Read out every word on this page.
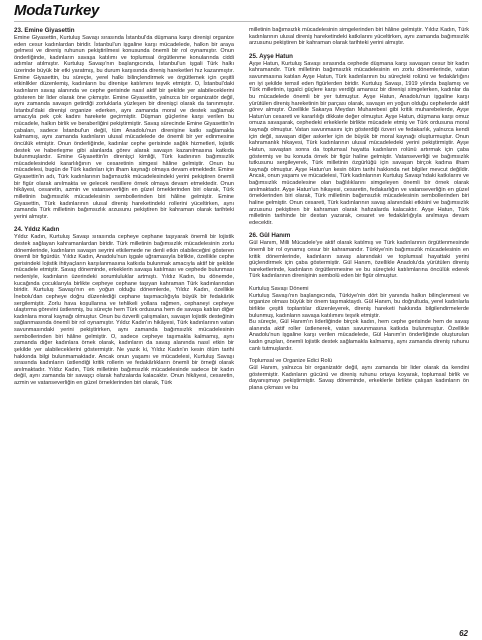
ModaTurkey

23. Emine Giyasettin

Emine Giyasettin, Kurtuluş Savaşı sırasında İstanbul'da düşmana karşı direnişi organize eden cesur kadınlardan biridir. İstanbul'un işgaline karşı mücadelede, halkın bir araya gelmesi ve direniş ruhunun pekiştirilmesi konusunda önemli bir rol oynamıştır. Onun önderliğinde, kadınların savaşa katılımı ve toplumsal örgütlenme konularında ciddi adımlar atılmıştır. Kurtuluş Savaşı'nın başlangıcında, İstanbul'un işgali Türk halkı üzerinde büyük bir etki yaratmış, bu durum karşısında direniş hareketleri hız kazanmıştır. Emine Giyasettin, bu süreçte, yerel halkı bilinçlendirmek ve örgütlemek için çeşitli etkinlikler düzenlemiş, kadınların bu direnişe katılımını teşvik etmiştir. O, İstanbul'daki kadınların savaş alanında ve cephe gerisinde nasıl aktif bir şekilde yer alabileceklerini gösteren bir lider olarak öne çıkmıştır. Emine Giyasettin, yalnızca bir organizatör değil, aynı zamanda savaşın getirdiği zorluklarla yüzleşen bir direnişçi olarak da tanınmıştır. İstanbul'daki direnişi organize ederken, aynı zamanda moral ve destek sağlamak amacıyla pek çok kadını harekete geçirmiştir. Düşman güçlerine karşı verilen bu mücadele, halkın birlik ve beraberliğini pekiştirmiştir. Savaş sürecinde Emine Giyasettin'in çabaları, sadece İstanbul'un değil, tüm Anadolu'nun direnişine katkı sağlamakla kalmamış, aynı zamanda kadınların ulusal mücadelede de önemli bir yer edinmesine öncülük etmiştir. Onun önderliğinde, kadınlar cephe gerisinde sağlık hizmetleri, lojistik destek ve haberleşme gibi alanlarda görev alarak savaşın kazanılmasına katkıda bulunmuşlardır. Emine Giyasettin'in direnişçi kimliği, Türk kadınının bağımsızlık mücadelesindeki kararlılığının ve cesaretinin simgesi hâline gelmiştir. Onun bu mücadelesi, bugün de Türk kadınları için ilham kaynağı olmaya devam etmektedir. Emine Giyasettin'in adı, Türk kadınlarının bağımsızlık mücadelesindeki yerini pekiştiren önemli bir figür olarak anılmakta ve gelecek nesillere örnek olmaya devam etmektedir. Onun hikâyesi, cesaretin, azmin ve vatanseverliğin en güzel örneklerinden biri olarak, Türk milletinin bağımsızlık mücadelesinin sembollerinden biri hâline gelmiştir. Emine Giyasettin, Türk kadınlarının ulusal direniş hareketindeki rollerini yüceltirken, aynı zamanda Türk milletinin bağımsızlık arzusunu pekiştiren bir kahraman olarak tarihteki yerini almıştır.

24. Yıldız Kadın

Yıldız Kadın, Kurtuluş Savaşı sırasında cepheye cephane taşıyarak önemli bir lojistik destek sağlayan kahramanlardan biridir. Türk milletinin bağımsızlık mücadelesinin zorlu dönemlerinde, kadınların savaşın seyrini etkilemede ne denli etkin olabileceğini gösteren önemli bir figürdür. Yıldız Kadın, Anadolu'nun işgale uğramasıyla birlikte, özellikle cephe gerisindeki lojistik ihtiyaçların karşılanmasına katkıda bulunmak amacıyla aktif bir şekilde mücadele etmiştir. Savaş döneminde, erkeklerin savaşa katılması ve cephede bulunması nedeniyle, kadınların üzerindeki sorumluluklar artmıştı. Yıldız Kadın, bu dönemde, kucağında çocuklarıyla birlikte cepheye cephane taşıyan kahraman Türk kadınlarından biridir. Kurtuluş Savaşı'nın en yoğun olduğu dönemlerde, Yıldız Kadın, özellikle İnebolu'dan cepheye doğru düzenlediği cephane taşımacılığıyla büyük bir fedakârlık sergilemiştir. Zorlu hava koşullarına ve tehlikeli yollara rağmen, cephaneyi cepheye ulaştırma görevini üstlenmiş, bu süreçte hem Türk ordusuna hem de savaşa katılan diğer kadınlara moral kaynağı olmuştur. Onun bu özverili çalışmaları, savaşın lojistik desteğinin sağlanmasında önemli bir rol oynamıştır. Yıldız Kadın'ın hikâyesi, Türk kadınlarının vatan savunmasındaki yerini pekiştirirken, aynı zamanda bağımsızlık mücadelesinin sembollerinden biri hâline gelmiştir. O, sadece cepheye taşımakla kalmamış, aynı zamanda diğer kadınlara örnek olarak, kadınların da savaş alanında nasıl etkin bir şekilde yer alabileceklerini göstermiştir. Ne yazık ki, Yıldız Kadın'ın kesin ölüm tarihi hakkında bilgi bulunmamaktadır. Ancak onun yaşamı ve mücadelesi, Kurtuluş Savaşı sırasında kadınların üstlendiği kritik rollerin ve fedakârlıkların önemli bir örneği olarak anılmaktadır. Yıldız Kadın, Türk milletinin bağımsızlık mücadelesinde sadece bir kadın değil, aynı zamanda bir savaşçı olarak hafızalarda kalacaktır. Onun hikâyesi, cesaretin, azmin ve vatanseverliğin en güzel örneklerinden biri olarak, Türk

milletinin bağımsızlık mücadelesinin simgelerinden biri hâline gelmiştir. Yıldız Kadın, Türk kadınlarının ulusal direniş hareketindeki katkılarını yüceltirken, aynı zamanda bağımsızlık arzusunu pekiştiren bir kahraman olarak tarihteki yerini almıştır.

25. Ayşe Hatun

Ayşe Hatun, Kurtuluş Savaşı sırasında cephede düşmana karşı savaşan cesur bir kadın kahramandır. Türk milletinin bağımsızlık mücadelesinin en zorlu dönemlerinde, vatan savunmasına katılan Ayşe Hatun, Türk kadınlarının bu süreçteki rolünü ve fedakârlığını en iyi şekilde temsil eden figürlerden biridir. Kurtuluş Savaşı, 1919 yılında başlamış ve Türk milletinin, işgalci güçlere karşı verdiği amansız bir direnişi simgelerken, kadınlar da bu mücadelede önemli bir yer tutmuştur. Ayşe Hatun, Anadolu'nun işgaline karşı yürütülen direniş hareketinin bir parçası olarak, savaşın en yoğun olduğu cephelerde aktif görev almıştır. Özellikle Sakarya Meydan Muharebesi gibi kritik muharebelerde, Ayşe Hatun'un cesareti ve kararlılığı dikkate değer olmuştur. Ayşe Hatun, düşmana karşı omuz omuza savaşarak, cephedeki erkeklerle birlikte mücadele etmiş ve Türk ordusuna moral kaynağı olmuştur. Vatan savunmasını için gösterdiği özveri ve fedakarlık, yalnızca kendi için değil, savaşan diğer askerler için de büyük bir moral kaynağı oluşturmuştur. Onun kahramanlık hikayesi, Türk kadınlarının ulusal mücadeledeki yerini pekiştirmiştir. Ayşe Hatun, savaştan sonra da toplumsal hayatta kadınların rolünü artırmak için çaba göstermiş ve bu konuda örnek bir figür haline gelmiştir. Vatanseverliği ve bağımsızlık tutkusunu sergileyerek, Türk milletinin özgürlüğü için savaşan birçok kadına ilham kaynağı olmuştur. Ayşe Hatun'un kesin ölüm tarihi hakkında net bilgiler mevcut değildir. Ancak, onun yaşamı ve mücadelesi, Türk kadınlarının Kurtuluş Savaşı'ndaki katkılarını ve bağımsızlık mücadelesine olan bağlılıklarını simgeleyen önemli bir örnek olarak anılmaktadır. Ayşe Hatun'un hikayesi, cesaretin, fedakarlığın ve vatanseverliğin en güzel örneklerinden biri olarak, Türk milletinin bağımsızlık mücadelesinin sembollerinden biri haline gelmiştir. Onun cesareti, Türk kadınlarının savaş alanındaki etkisini ve bağımsızlık arzusunu pekiştiren bir kahraman olarak hafızalarda kalacaktır. Ayşe Hatun, Türk milletinin tarihinde bir destan yazarak, cesaret ve fedakârlığıyla anılmaya devam edecektir.

26. Gül Hanım

Gül Hanım, Milli Mücadele'ye aktif olarak katılmış ve Türk kadınlarının örgütlenmesinde önemli bir rol oynamış cesur bir kahramandır. Türkiye'nin bağımsızlık mücadelesinin en kritik dönemlerinde, kadınların savaş alanındaki ve toplumsal hayattaki yerini güçlendirmek için çaba göstermiştir. Gül Hanım, özellikle Anadolu'da yürütülen direniş hareketlerinde, kadınların örgütlenmesine ve bu süreçteki katılımlarına öncülük ederek Türk kadınlarının direnişinin sembolü eden bir figür olmuştur.

Kurtuluş Savaşı Dönemi

Kurtuluş Savaşı'nın başlangıcında, Türkiye'nin dört bir yanında halkın bilinçlenmesi ve organize olması büyük bir önem taşımaktaydı. Gül Hanım, bu doğrultuda, yerel kadınlarla birlikte çeşitli toplantılar düzenleyerek, direniş hareketi hakkında bilgilendirmelerde bulunmuş, kadınların savaşa katılımını teşvik etmiştir.
Bu süreçte, Gül Hanım'ın liderliğinde birçok kadın, hem cephe gerisinde hem de savaş alanında aktif roller üstlenerek, vatan savunmasına katkıda bulunmuştur. Özellikle Anadolu'nun işgaline karşı verilen mücadelede, Gül Hanım'ın önderliğinde oluşturulan kadın grupları, önemli lojistik destek sağlamakla kalmamış, aynı zamanda direniş ruhunu canlı tutmuşlardır.

Toplumsal ve Organize Edici Rolü

Gül Hanım, yalnızca bir organizatör değil, aynı zamanda bir lider olarak da kendini göstermiştir. Kadınların gücünü ve direniş ruhunu ortaya koyarak, toplumsal birlik ve dayanışmayı pekiştirmiştir. Savaş döneminde, erkeklerle birlikte çalışan kadınların ön plana çıkması ve bu

62
